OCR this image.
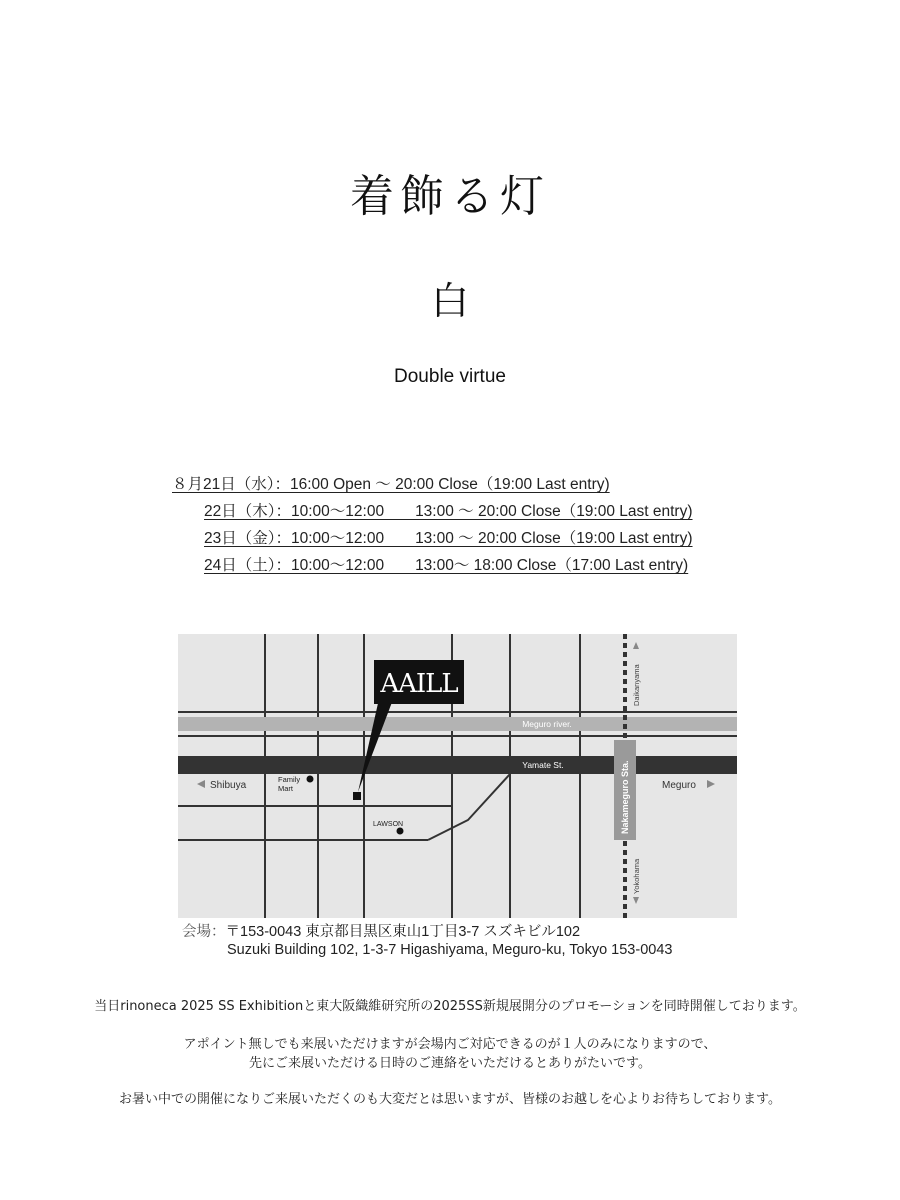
着飾る灯
白
Double virtue
８月21日（水）：16:00 Open ～ 20:00 Close（19:00 Last entry)
22日（木）：10:00～12:00　　13:00 ～ 20:00 Close（19:00 Last entry)
23日（金）：10:00～12:00　　13:00 ～ 20:00 Close（19:00 Last entry)
24日（土）：10:00～12:00　　13:00～ 18:00 Close（17:00 Last entry)
AAILL
Meguro river.
Yamate St.
Shibuya	Meguro
Family
Mart
LAWSON	Nakameguro Sta.
Daikanyama
Yokohama
会場：〒153-0043 東京都目黒区東山1丁目3-7 スズキビル102
Suzuki Building 102, 1-3-7 Higashiyama, Meguro-ku, Tokyo 153-0043
当日rinoneca 2025 SS Exhibitionと東大阪織維研究所の2025SS新規展開分のプロモーションを同時開催しております。
アポイント無しでも来展いただけますが会場内ご対応できるのが１人のみになりますので、
先にご来展いただける日時のご連絡をいただけるとありがたいです。
お暑い中での開催になりご来展いただくのも大変だとは思いますが、皆様のお越しを心よりお待ちしております。
